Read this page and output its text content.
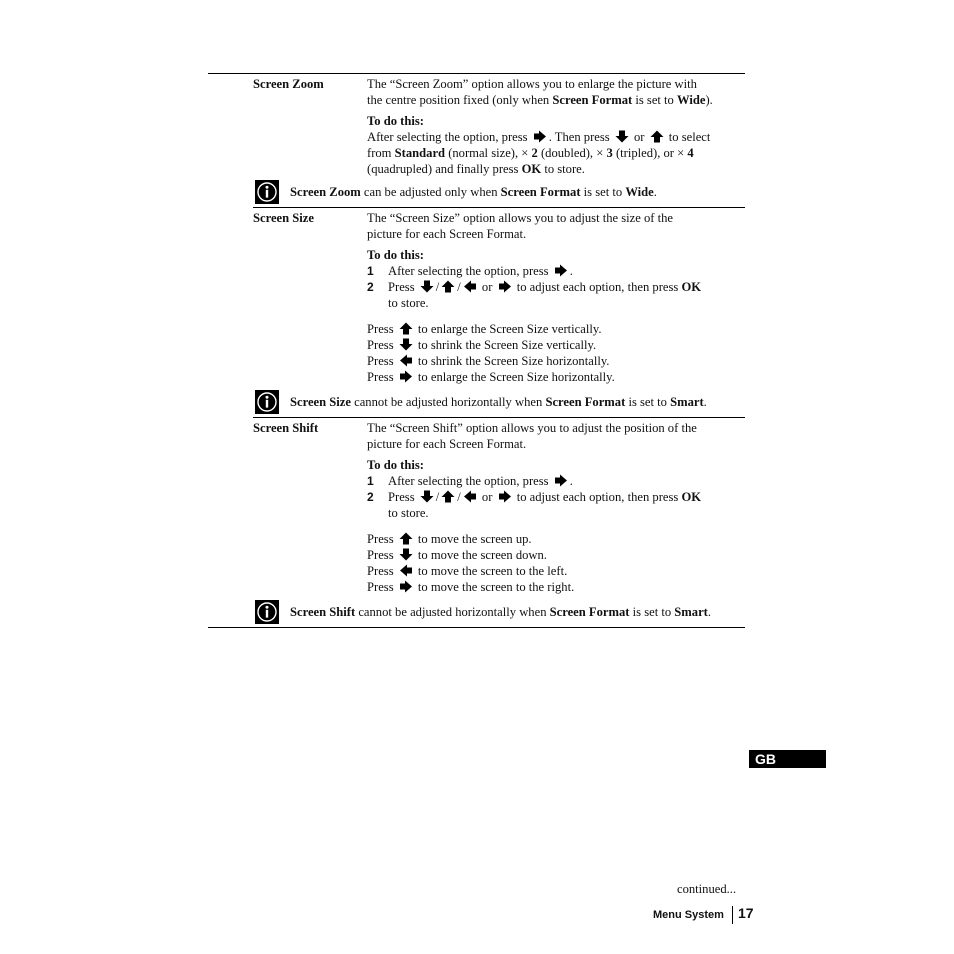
Screen Zoom	The “Screen Zoom” option allows you to enlarge the picture with
the centre position fixed (only when Screen Format is set to Wide).
To do this:
After selecting the option, press . Then press  or  to select
from Standard (normal size), × 2 (doubled), × 3 (tripled), or × 4
(quadrupled) and finally press OK to store.
Screen Zoom can be adjusted only when Screen Format is set to Wide.
Screen Size	The “Screen Size” option allows you to adjust the size of the
picture for each Screen Format.
To do this:
1 After selecting the option, press .
2 Press / / or  to adjust each option, then press OK
to store.
Press to enlarge the Screen Size vertically.
Press to shrink the Screen Size vertically.
Press to shrink the Screen Size horizontally.
Press to enlarge the Screen Size horizontally.
Screen Size cannot be adjusted horizontally when Screen Format is set to Smart.
Screen Shift	The “Screen Shift” option allows you to adjust the position of the
picture for each Screen Format.
To do this:
1 After selecting the option, press .
2 Press / / or  to adjust each option, then press OK
to store.
Press to move the screen up.
Press to move the screen down.
Press to move the screen to the left.
Press to move the screen to the right.
Screen Shift cannot be adjusted horizontally when Screen Format is set to Smart.
GB
continued...
Menu System 17
